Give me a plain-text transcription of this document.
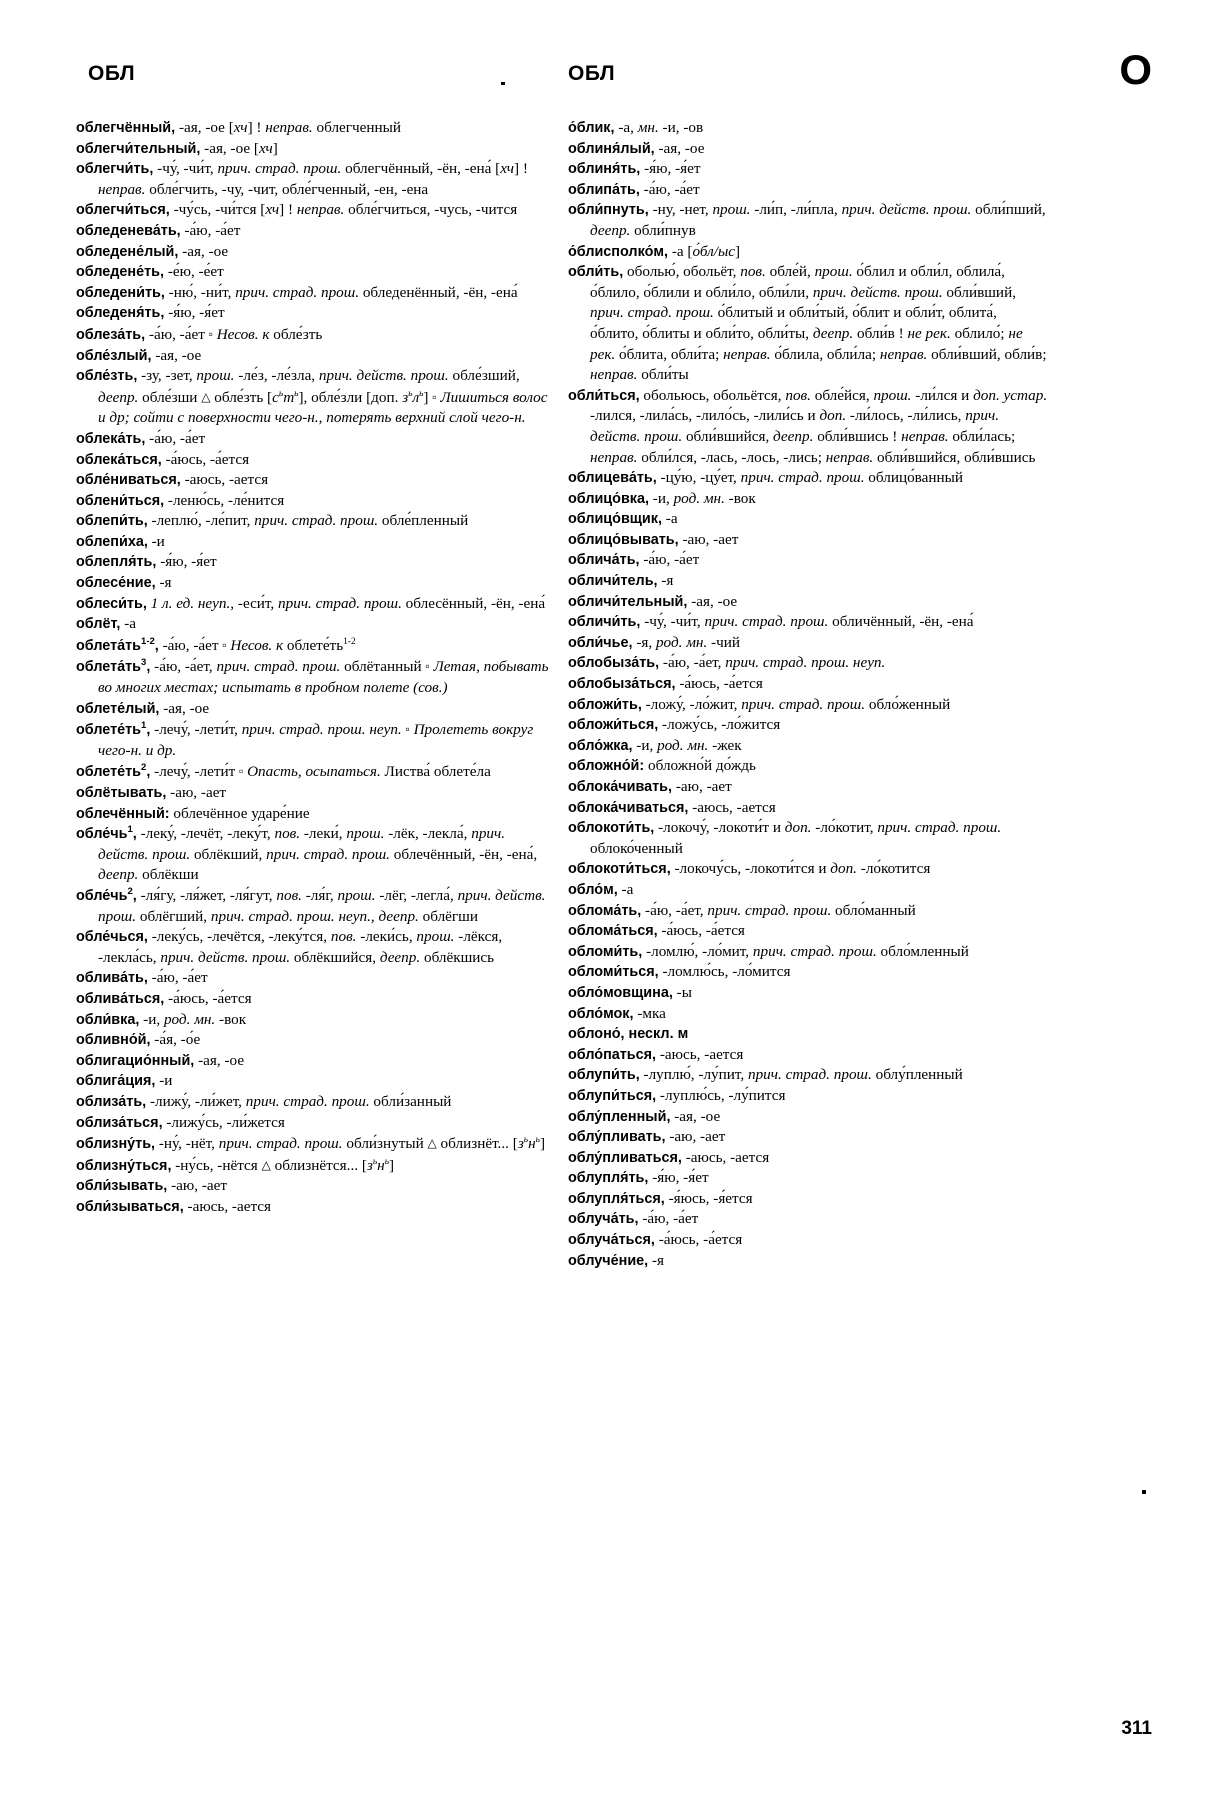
ОБЛ	ОБЛ	О
облегчённый, -ая, -ое [хч] ! неправ. облегченный
облегчи́тельный, -ая, -ое [хч]
облегчи́ть, -чу́, -чи́т, прич. страд. прош. облегчённый, -ён, -ена́ [хч] ! неправ. обле́гчить, -чу, -чит, обле́гченный, -ен, -ена
облегчи́ться, -чу́сь, -чи́тся [хч] ! неправ. обле́гчиться, -чусь, -чится
обледенева́ть, -а́ю, -а́ет
обледене́лый, -ая, -ое
обледене́ть, -е́ю, -е́ет
обледени́ть, -ню́, -ни́т, прич. страд. прош. обледенённый, -ён, -ена́
обледеня́ть, -я́ю, -я́ет
облеза́ть, -а́ю, -а́ет ▫ Несов. к обле́зть
обле́злый, -ая, -ое
обле́зть, -зу, -зет, прош. -ле́з, -ле́зла, прич. действ. прош. обле́зший, деепр. обле́зши △ обле́зть $[с^ьт^ь]$, обле́зли [доп. $з^ьл^ь$] ▫ Лишиться волос и др; сойти с поверхности чего-н., потерять верхний слой чего-н.
облека́ть, -а́ю, -а́ет
облека́ться, -а́юсь, -а́ется
обле́ниваться, -аюсь, -ается
облени́ться, -леню́сь, -ле́нится
облепи́ть, -леплю́, -ле́пит, прич. страд. прош. обле́пленный
облепи́ха, -и
облепля́ть, -я́ю, -я́ет
облесе́ние, -я
облеси́ть, 1 л. ед. неуп., -еси́т, прич. страд. прош. облесённый, -ён, -ена́
облёт, -а
$облета́ть^{1-2}$, -а́ю, -а́ет ▫ Несов. к $облете́ть^{1-2}$
$облета́ть^3$, -а́ю, -а́ет, прич. страд. прош. облётанный ▫ Летая, побывать во многих местах; испытать в пробном полете (сов.)
облете́лый, -ая, -ое
$облете́ть^1$, -лечу́, -лети́т, прич. страд. прош. неуп. ▫ Пролететь вокруг чего-н. и др.
$облете́ть^2$, -лечу́, -лети́т ▫ Опасть, осыпаться. Листва́ облете́ла
облётывать, -аю, -ает
облечённый: облечённое ударе́ние
$обле́чь^1$, -леку́, -лечёт, -леку́т, пов. -леки́, прош. -лёк, -лекла́, прич. действ. прош. облёкший, прич. страд. прош. облечённый, -ён, -ена́, деепр. облёкши
$обле́чь^2$, -ля́гу, -ля́жет, -ля́гут, пов. -ля́г, прош. -лёг, -легла́, прич. действ. прош. облёгший, прич. страд. прош. неуп., деепр. облёгши
обле́чься, -леку́сь, -лечётся, -леку́тся, пов. -леки́сь, прош. -лёкся, -лекла́сь, прич. действ. прош. облёкшийся, деепр. облёкшись
облива́ть, -а́ю, -а́ет
облива́ться, -а́юсь, -а́ется
обли́вка, -и, род. мн. -вок
обливно́й, -а́я, -о́е
облигацио́нный, -ая, -ое
облига́ция, -и
облиза́ть, -лижу́, -ли́жет, прич. страд. прош. обли́занный
облиза́ться, -лижу́сь, -ли́жется
облизну́ть, -ну́, -нёт, прич. страд. прош. обли́знутый △ облизнёт... $[з^ьн^ь]$
облизну́ться, -ну́сь, -нётся △ облизнётся... $[з^ьн^ь]$
обли́зывать, -аю, -ает
обли́зываться, -аюсь, -ается
о́блик, -а, мн. -и, -ов
облиня́лый, -ая, -ое
облиня́ть, -я́ю, -я́ет
облипа́ть, -а́ю, -а́ет
обли́пнуть, -ну, -нет, прош. -ли́п, -ли́пла, прич. действ. прош. обли́пший, деепр. обли́пнув
о́блисполко́м, -а [о́бл/ыс]
обли́ть, оболью́, обольёт, пов. обле́й, прош. о́блил и обли́л, облила́, о́блило, о́блили и обли́ло, обли́ли, прич. действ. прош. обли́вший, прич. страд. прош. о́блитый и обли́тый, о́блит и обли́т, облита́, о́блито, о́блиты и обли́то, обли́ты, деепр. обли́в ! не рек. облило́; не рек. о́блита, обли́та; неправ. о́блила, обли́ла; неправ. обли́вший, обли́в; неправ. обли́ты
обли́ться, обольюсь, обольётся, пов. обле́йся, прош. -ли́лся и доп. устар. -лился, -лила́сь, -лило́сь, -лили́сь и доп. -ли́лось, -ли́лись, прич. действ. прош. обли́вшийся, деепр. обли́вшись ! неправ. обли́лась; неправ. обли́лся, -лась, -лось, -лись; неправ. обли́вшийся, обли́вшись
облицева́ть, -цу́ю, -цу́ет, прич. страд. прош. облицо́ванный
облицо́вка, -и, род. мн. -вок
облицо́вщик, -а
облицо́вывать, -аю, -ает
облича́ть, -а́ю, -а́ет
обличи́тель, -я
обличи́тельный, -ая, -ое
обличи́ть, -чу́, -чи́т, прич. страд. прош. обличённый, -ён, -ена́
обли́чье, -я, род. мн. -чий
облобыза́ть, -а́ю, -а́ет, прич. страд. прош. неуп.
облобыза́ться, -а́юсь, -а́ется
обложи́ть, -ложу́, -ло́жит, прич. страд. прош. обло́женный
обложи́ться, -ложу́сь, -ло́жится
обло́жка, -и, род. мн. -жек
обложно́й: обложно́й до́ждь
облока́чивать, -аю, -ает
облока́чиваться, -аюсь, -ается
облокоти́ть, -локочу́, -локоти́т и доп. -ло́котит, прич. страд. прош. облоко́ченный
облокоти́ться, -локочу́сь, -локоти́тся и доп. -ло́котится
обло́м, -а
облома́ть, -а́ю, -а́ет, прич. страд. прош. обло́манный
облома́ться, -а́юсь, -а́ется
обломи́ть, -ломлю́, -ло́мит, прич. страд. прош. обло́мленный
обломи́ться, -ломлю́сь, -ло́мится
обло́мовщина, -ы
обло́мок, -мка
облоно́, нескл. м
обло́паться, -аюсь, -ается
облупи́ть, -луплю́, -лу́пит, прич. страд. прош. облу́пленный
облупи́ться, -луплю́сь, -лу́пится
облу́пленный, -ая, -ое
облу́пливать, -аю, -ает
облу́пливаться, -аюсь, -ается
облупля́ть, -я́ю, -я́ет
облупля́ться, -я́юсь, -я́ется
облуча́ть, -а́ю, -а́ет
облуча́ться, -а́юсь, -а́ется
облуче́ние, -я
311
